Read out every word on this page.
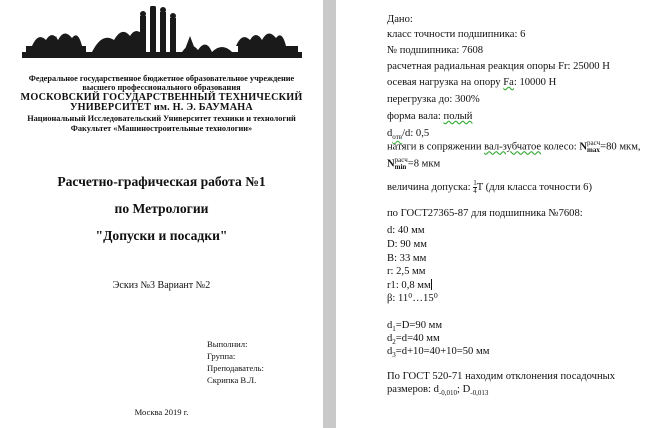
Федеральное государственное бюджетное образовательное учреждение
высшего профессионального образования
МОСКОВСКИЙ ГОСУДАРСТВЕННЫЙ ТЕХНИЧЕСКИЙ
УНИВЕРСИТЕТ им. Н. Э. БАУМАНА
Национальный Исследовательский Университет техники и технологий
Факультет «Машиностроительные технологии»
Расчетно-графическая работа №1
по Метрологии
"Допуски и посадки"
Эскиз №3 Вариант №2
Выполнил:
Группа:
Преподаватель:
Скрипка В.Л.
Москва 2019 г.
Дано:
класс точности подшипника: 6
№ подшипника: 7608
расчетная радиальная реакция опоры Fr: 25000 Н
осевая нагрузка на опору Fa: 10000 Н
перегрузка до: 300%
форма вала: полый
$d_{отв}/d$: 0,5
натяги в сопряжении вал-зубчатое колесо: N расч
max =80 мкм,
N расч
min =8 мкм
величина допуска: $\frac{1}{4}$ T (для класса точности 6)
по ГОСТ27365-87 для подшипника №7608:
d: 40 мм
D: 90 мм
B: 33 мм
r: 2,5 мм
r1: 0,8 мм
β: 11⁰…15⁰
$d_1=D=90$ мм
$d_2=d=40$ мм
$d_3=d+10=40+10=50$ мм
По ГОСТ 520-71 находим отклонения посадочных
размеров: $d_{-0,010}$; $D_{-0,013}$
